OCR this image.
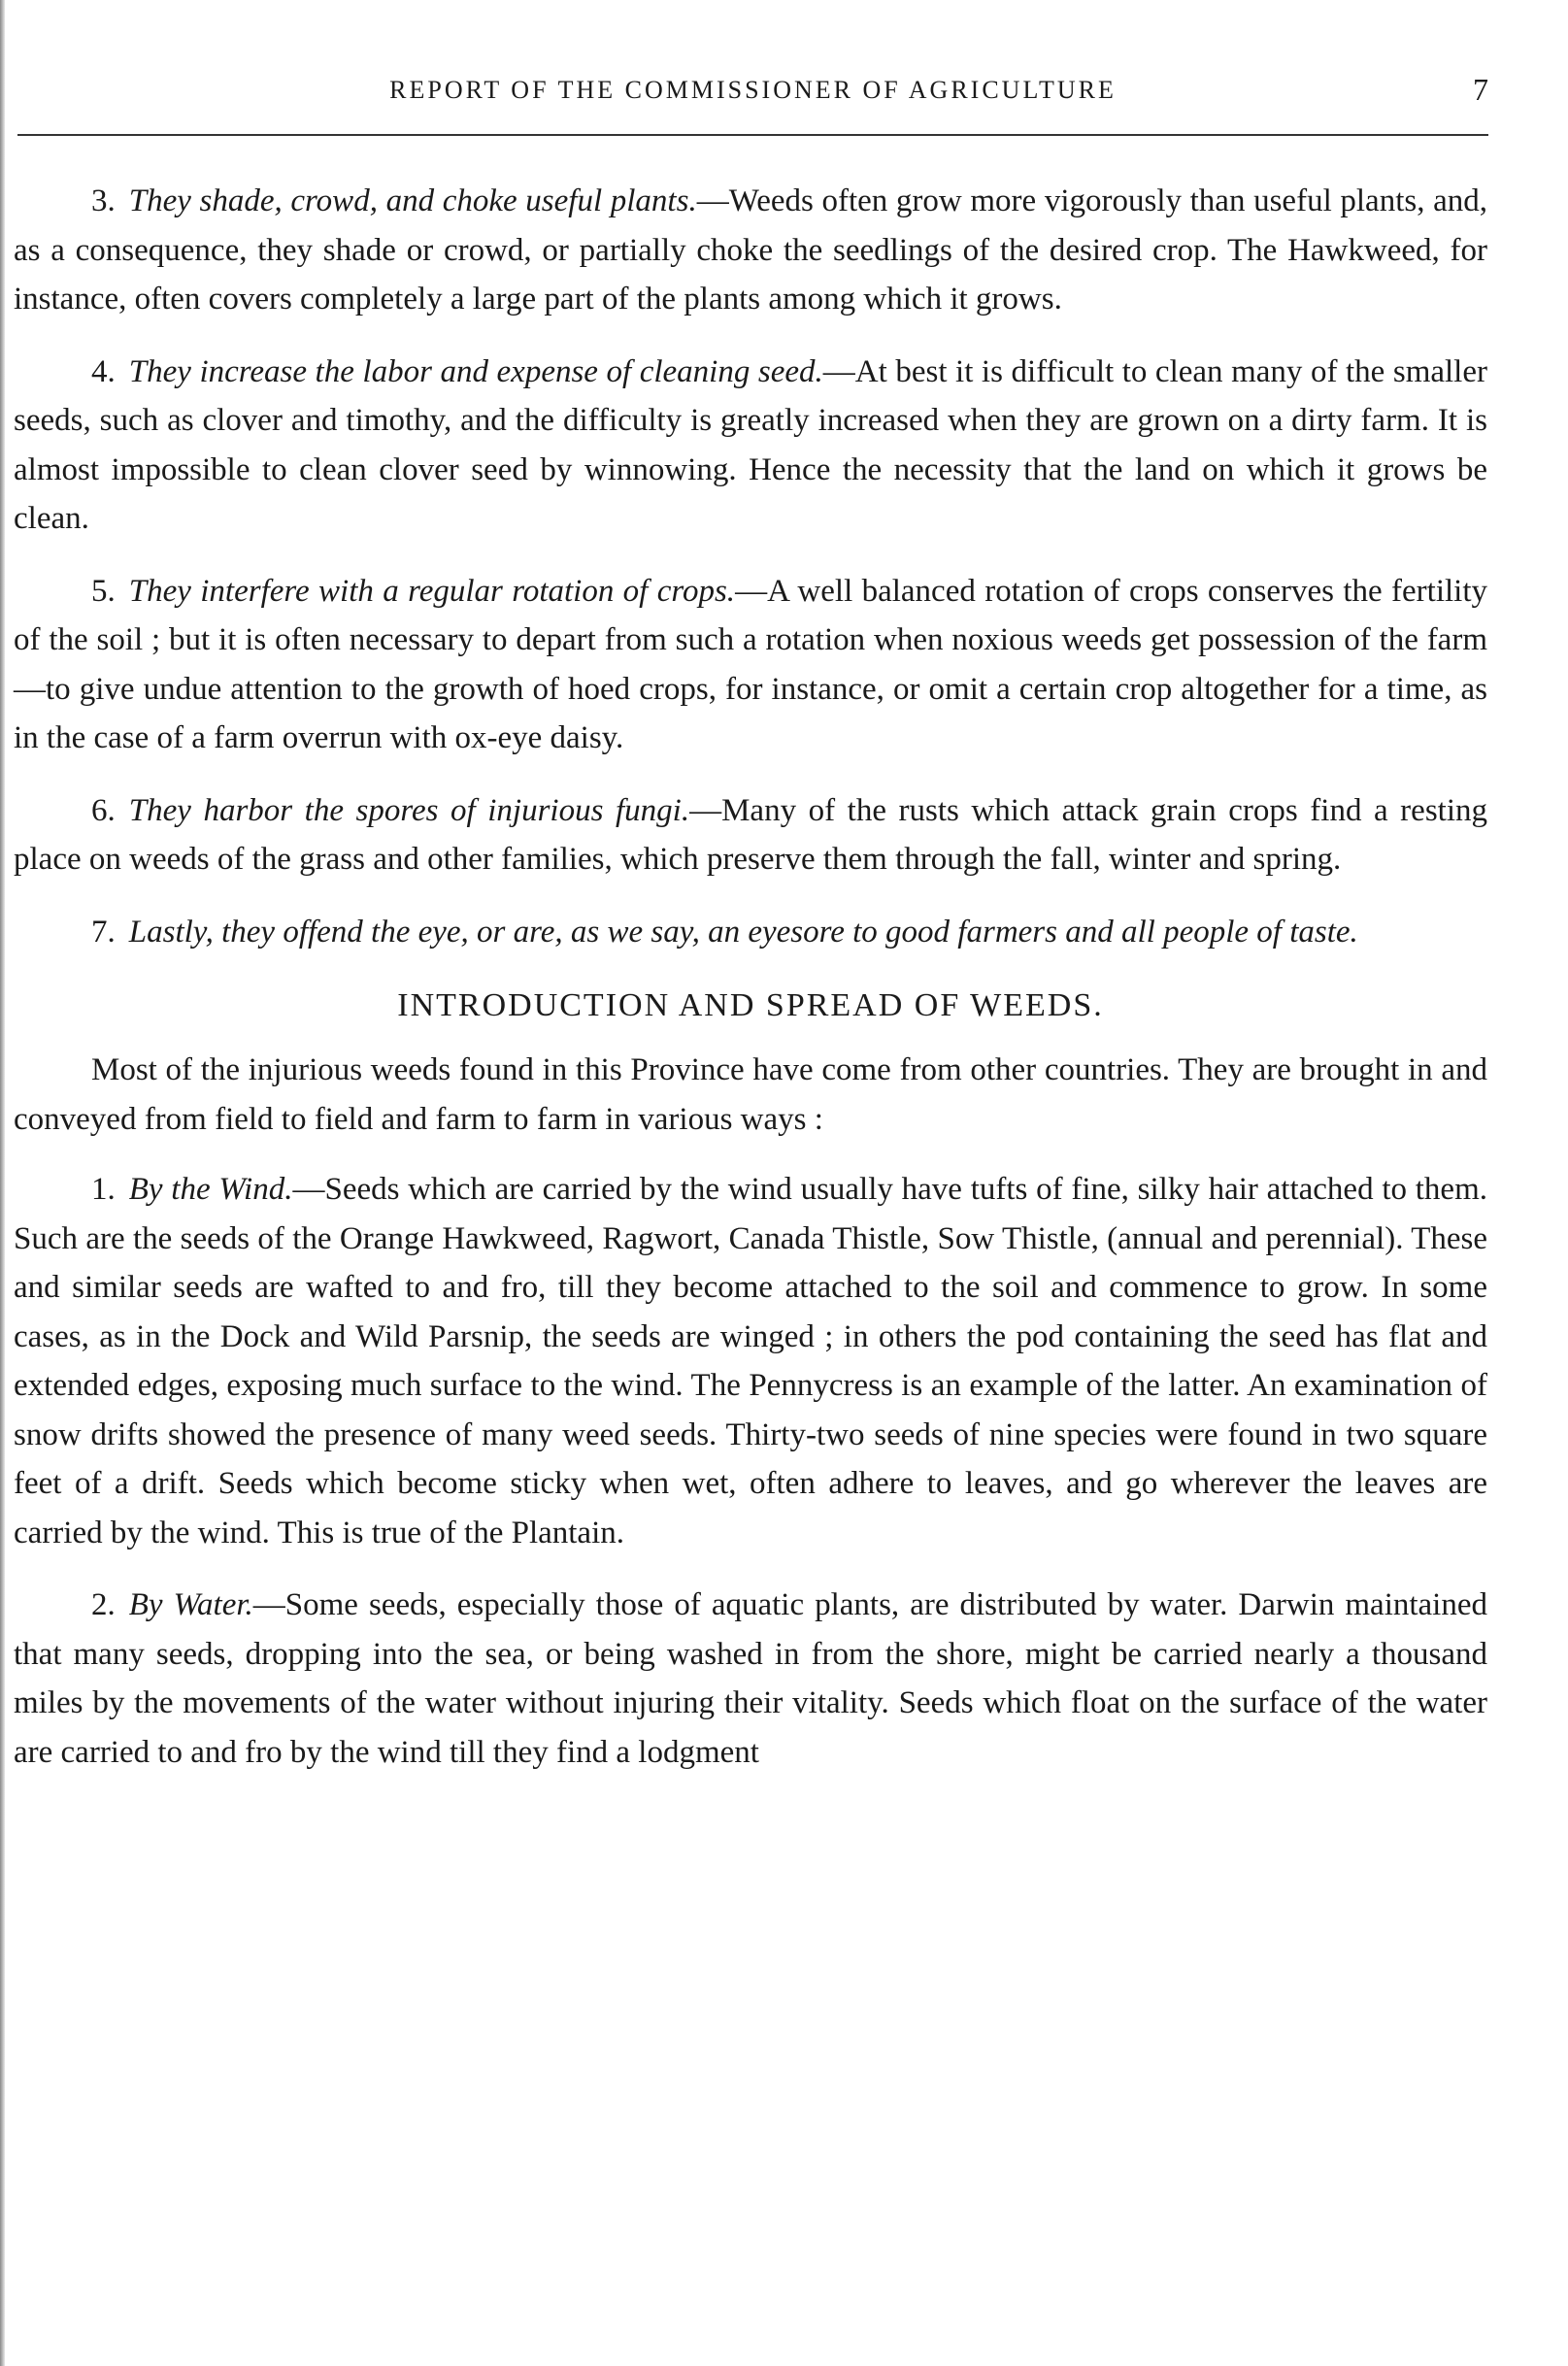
REPORT OF THE COMMISSIONER OF AGRICULTURE	7

3. They shade, crowd, and choke useful plants.—Weeds often grow more vigorously than useful plants, and, as a consequence, they shade or crowd, or partially choke the seedlings of the desired crop. The Hawkweed, for instance, often covers completely a large part of the plants among which it grows.

4. They increase the labor and expense of cleaning seed.—At best it is difficult to clean many of the smaller seeds, such as clover and timothy, and the difficulty is greatly increased when they are grown on a dirty farm. It is almost impossible to clean clover seed by winnowing. Hence the necessity that the land on which it grows be clean.

5. They interfere with a regular rotation of crops.—A well balanced rotation of crops conserves the fertility of the soil ; but it is often necessary to depart from such a rotation when noxious weeds get possession of the farm—to give undue attention to the growth of hoed crops, for instance, or omit a certain crop altogether for a time, as in the case of a farm overrun with ox-eye daisy.

6. They harbor the spores of injurious fungi.—Many of the rusts which attack grain crops find a resting place on weeds of the grass and other families, which preserve them through the fall, winter and spring.

7. Lastly, they offend the eye, or are, as we say, an eyesore to good farmers and all people of taste.

INTRODUCTION AND SPREAD OF WEEDS.

Most of the injurious weeds found in this Province have come from other countries. They are brought in and conveyed from field to field and farm to farm in various ways :

1. By the Wind.—Seeds which are carried by the wind usually have tufts of fine, silky hair attached to them. Such are the seeds of the Orange Hawkweed, Ragwort, Canada Thistle, Sow Thistle, (annual and perennial). These and similar seeds are wafted to and fro, till they become attached to the soil and commence to grow. In some cases, as in the Dock and Wild Parsnip, the seeds are winged ; in others the pod containing the seed has flat and extended edges, exposing much surface to the wind. The Pennycress is an example of the latter. An examination of snow drifts showed the presence of many weed seeds. Thirty-two seeds of nine species were found in two square feet of a drift. Seeds which become sticky when wet, often adhere to leaves, and go wherever the leaves are carried by the wind. This is true of the Plantain.

2. By Water.—Some seeds, especially those of aquatic plants, are distributed by water. Darwin maintained that many seeds, dropping into the sea, or being washed in from the shore, might be carried nearly a thousand miles by the movements of the water without injuring their vitality. Seeds which float on the surface of the water are carried to and fro by the wind till they find a lodgment
